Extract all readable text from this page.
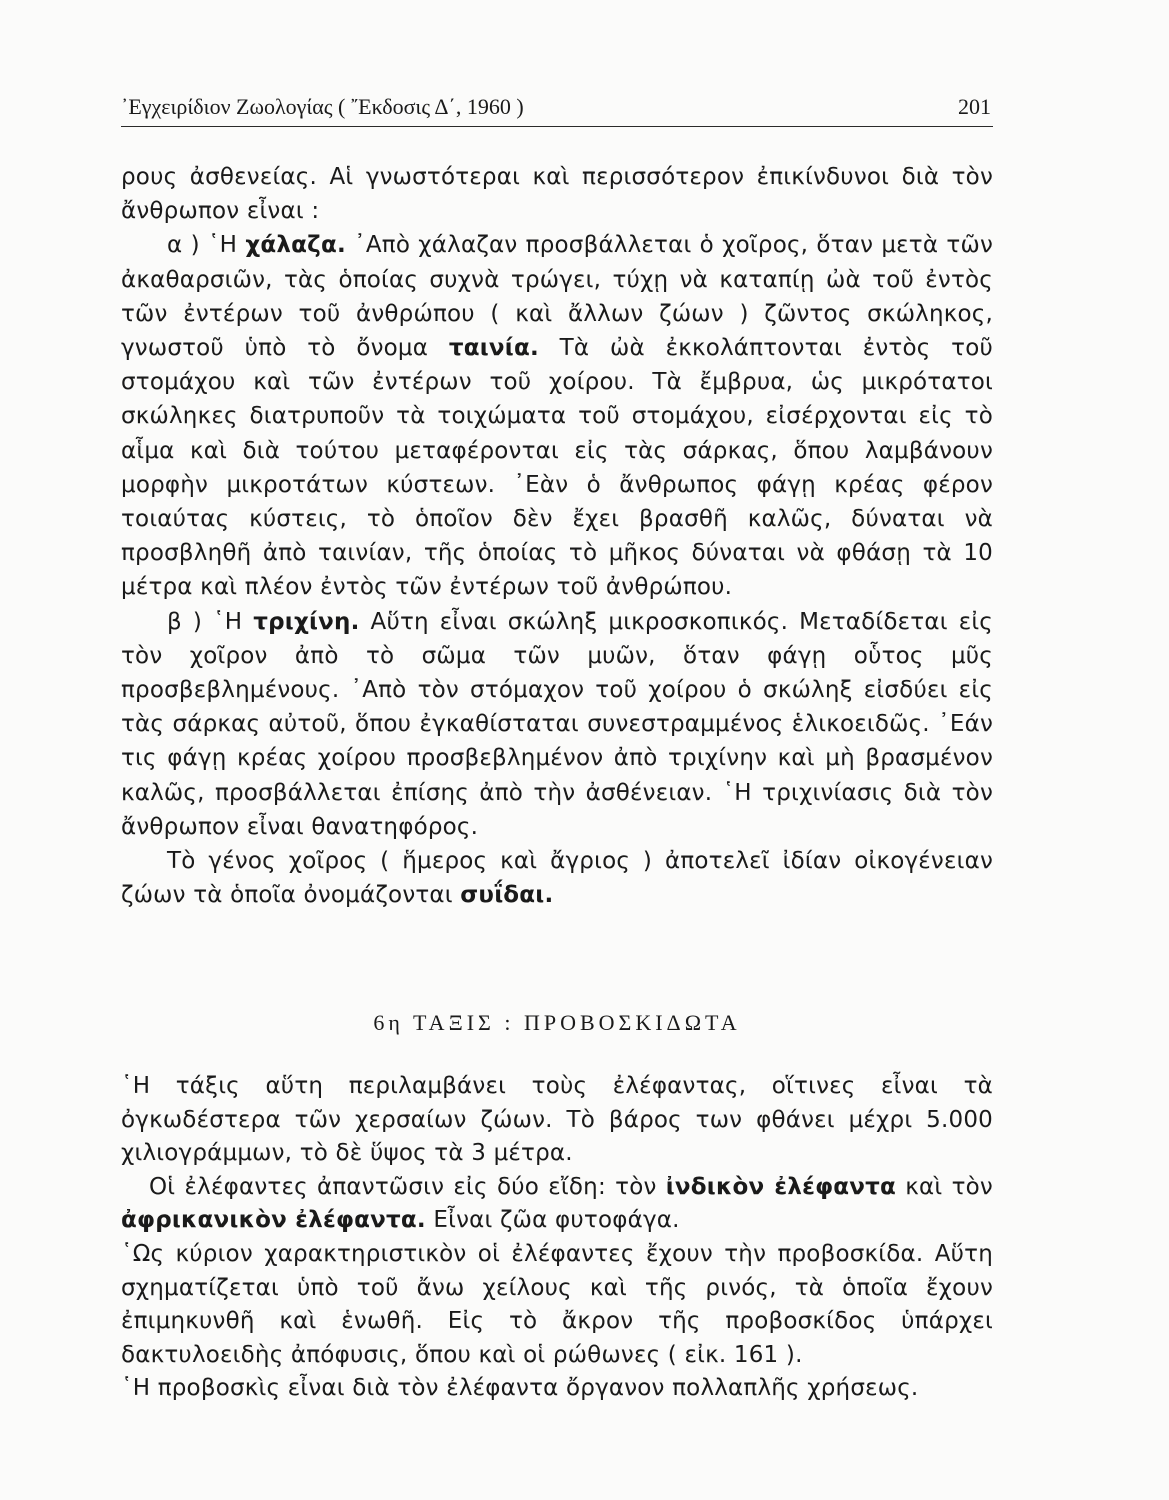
᾿Εγχειρίδιον Ζωολογίας ( ῎Εκδοσις Δ΄, 1960 )	201

ρους ἀσθενείας. Αἱ γνωστότεραι καὶ περισσότερον ἐπικίνδυνοι διὰ τὸν ἄνθρωπον εἶναι :

α ) ῾Η χάλαζα. ᾿Απὸ χάλαζαν προσβάλλεται ὁ χοῖρος, ὅταν μετὰ τῶν ἀκαθαρσιῶν, τὰς ὁποίας συχνὰ τρώγει, τύχῃ νὰ καταπίῃ ὠὰ τοῦ ἐντὸς τῶν ἐντέρων τοῦ ἀνθρώπου ( καὶ ἄλλων ζώων ) ζῶντος σκώληκος, γνωστοῦ ὑπὸ τὸ ὄνομα ταινία. Τὰ ὠὰ ἐκκολάπτονται ἐντὸς τοῦ στομάχου καὶ τῶν ἐντέρων τοῦ χοίρου. Τὰ ἔμβρυα, ὡς μικρότατοι σκώληκες διατρυποῦν τὰ τοιχώματα τοῦ στομάχου, εἰσέρχονται εἰς τὸ αἷμα καὶ διὰ τούτου μεταφέρονται εἰς τὰς σάρκας, ὅπου λαμβάνουν μορφὴν μικροτάτων κύστεων. ᾿Εὰν ὁ ἄνθρωπος φάγῃ κρέας φέρον τοιαύτας κύστεις, τὸ ὁποῖον δὲν ἔχει βρασθῆ καλῶς, δύναται νὰ προσβληθῆ ἀπὸ ταινίαν, τῆς ὁποίας τὸ μῆκος δύναται νὰ φθάσῃ τὰ 10 μέτρα καὶ πλέον ἐντὸς τῶν ἐντέρων τοῦ ἀνθρώπου.

β ) ῾Η τριχίνη. Αὕτη εἶναι σκώληξ μικροσκοπικός. Μεταδίδεται εἰς τὸν χοῖρον ἀπὸ τὸ σῶμα τῶν μυῶν, ὅταν φάγῃ οὗτος μῦς προσβεβλημένους. ᾿Απὸ τὸν στόμαχον τοῦ χοίρου ὁ σκώληξ εἰσδύει εἰς τὰς σάρκας αὐτοῦ, ὅπου ἐγκαθίσταται συνεστραμμένος ἑλικοειδῶς. ᾿Εάν τις φάγῃ κρέας χοίρου προσβεβλημένον ἀπὸ τριχίνην καὶ μὴ βρασμένον καλῶς, προσβάλλεται ἐπίσης ἀπὸ τὴν ἀσθένειαν. ῾Η τριχινίασις διὰ τὸν ἄνθρωπον εἶναι θανατηφόρος.

Τὸ γένος χοῖρος ( ἥμερος καὶ ἄγριος ) ἀποτελεῖ ἰδίαν οἰκογένειαν ζώων τὰ ὁποῖα ὀνομάζονται συΐδαι.

6η ΤΑΞΙΣ : ΠΡΟΒΟΣΚΙΔΩΤΑ

῾Η τάξις αὕτη περιλαμβάνει τοὺς ἐλέφαντας, οἵτινες εἶναι τὰ ὀγκωδέστερα τῶν χερσαίων ζώων. Τὸ βάρος των φθάνει μέχρι 5.000 χιλιογράμμων, τὸ δὲ ὕψος τὰ 3 μέτρα.

Οἱ ἐλέφαντες ἀπαντῶσιν εἰς δύο εἴδη: τὸν ἰνδικὸν ἐλέφαντα καὶ τὸν ἀφρικανικὸν ἐλέφαντα. Εἶναι ζῶα φυτοφάγα.

῾Ως κύριον χαρακτηριστικὸν οἱ ἐλέφαντες ἔχουν τὴν προβοσκίδα. Αὕτη σχηματίζεται ὑπὸ τοῦ ἄνω χείλους καὶ τῆς ρινός, τὰ ὁποῖα ἔχουν ἐπιμηκυνθῆ καὶ ἑνωθῆ. Εἰς τὸ ἄκρον τῆς προβοσκίδος ὑπάρχει δακτυλοειδὴς ἀπόφυσις, ὅπου καὶ οἱ ρώθωνες ( εἰκ. 161 ).

῾Η προβοσκὶς εἶναι διὰ τὸν ἐλέφαντα ὄργανον πολλαπλῆς χρήσεως.
